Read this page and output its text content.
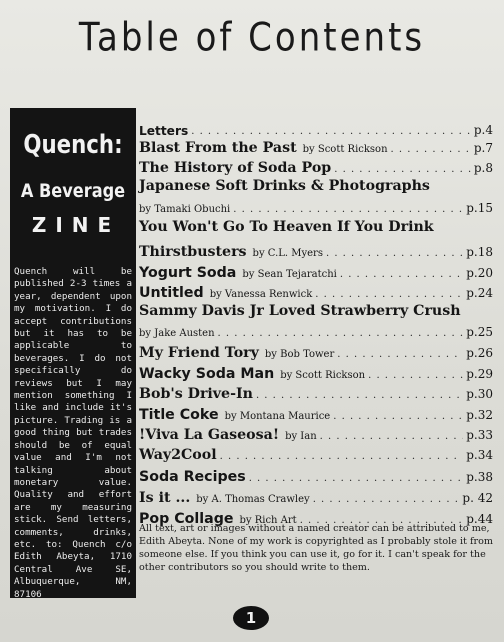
Table of Contents
Quench:
A Beverage
ZINE
Quench will be published 2-3 times a year, dependent upon my motivation. I do accept contributions but it has to be applicable to beverages. I do not specifically do reviews but I may mention something I like and include it's picture. Trading is a good thing but trades should be of equal value and I'm not talking about monetary value. Quality and effort are my measuring stick. Send letters, comments, drinks, etc. to: Quench c/o Edith Abeyta, 1710 Central Ave SE, Albuquerque, NM, 87106
Letters . . .	p.4
Blast From the Past by Scott Rickson . . .	p.7
The History of Soda Pop . . .	p.8
Japanese Soft Drinks & Photographs
by Tamaki Obuchi . . .	p.15
You Won't Go To Heaven If You Drink
Thirstbusters by C.L. Myers . . .	p.18
Yogurt Soda by Sean Tejaratchi . . .	p.20
Untitled by Vanessa Renwick . . .	p.24
Sammy Davis Jr Loved Strawberry Crush
by Jake Austen . . .	p.25
My Friend Tory by Bob Tower . . .	p.26
Wacky Soda Man by Scott Rickson . . .	p.29
Bob's Drive-In . . .	p.30
Title Coke by Montana Maurice . . .	p.32
!Viva La Gaseosa! by Ian . . .	p.33
Way2Cool . . .	p.34
Soda Recipes . . .	p.38
Is it ... by A. Thomas Crawley . . .	p. 42
Pop Collage by Rich Art . . .	p.44
All text, art or images without a named creator can be attributed to me, Edith Abeyta. None of my work is copyrighted as I probably stole it from someone else. If you think you can use it, go for it. I can't speak for the other contributors so you should write to them.
1
